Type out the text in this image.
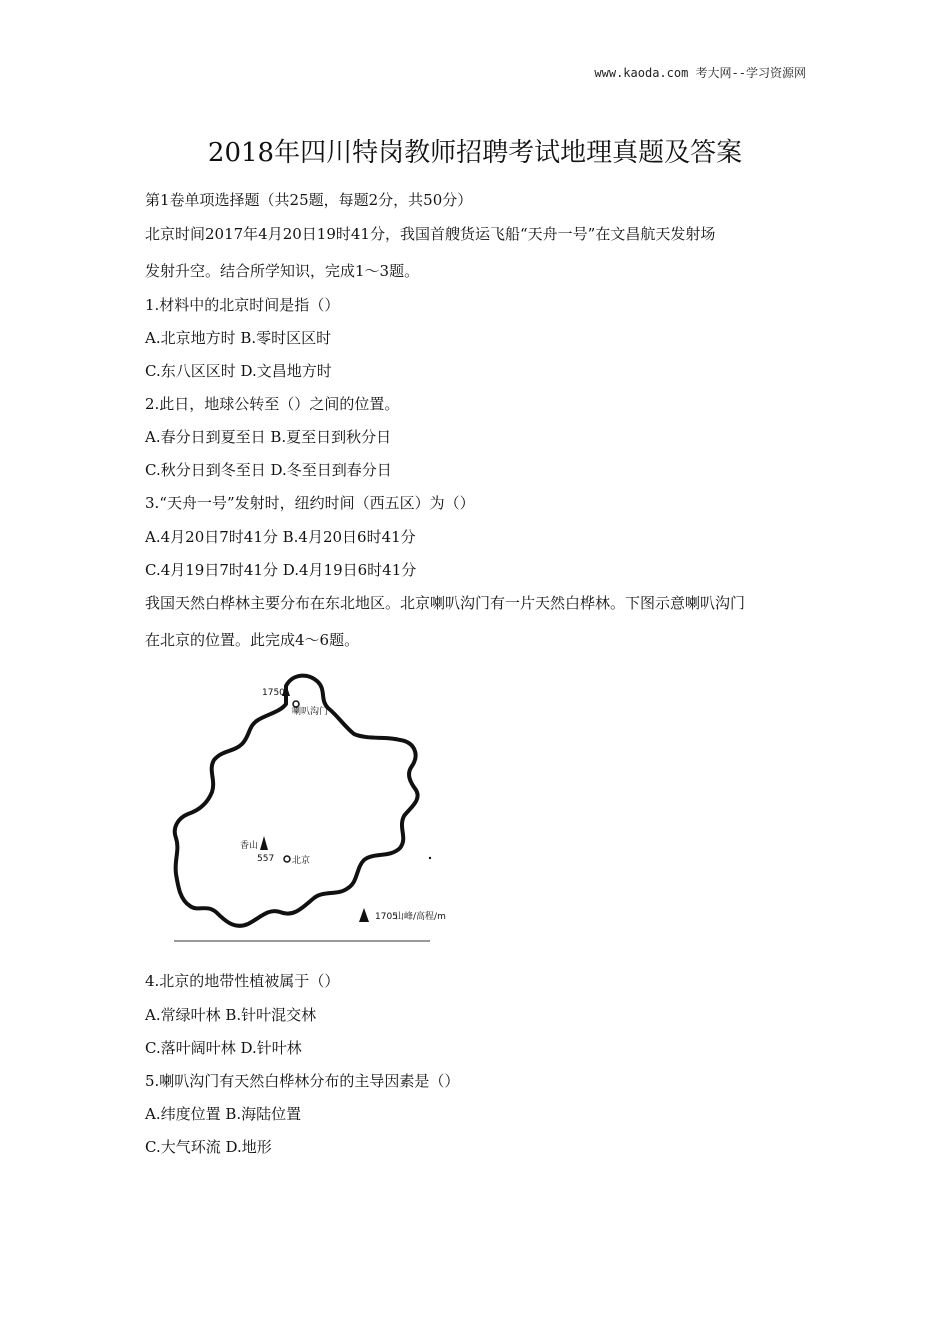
www.kaoda.com 考大网--学习资源网
2018年四川特岗教师招聘考试地理真题及答案
第1卷单项选择题（共25题，每题2分，共50分）
北京时间2017年4月20日19时41分，我国首艘货运飞船“天舟一号”在文昌航天发射场
发射升空。结合所学知识，完成1～3题。
1.材料中的北京时间是指（）
A.北京地方时 B.零时区区时
C.东八区区时 D.文昌地方时
2.此日，地球公转至（）之间的位置。
A.春分日到夏至日 B.夏至日到秋分日
C.秋分日到冬至日 D.冬至日到春分日
3.“天舟一号”发射时，纽约时间（西五区）为（）
A.4月20日7时41分 B.4月20日6时41分
C.4月19日7时41分 D.4月19日6时41分
我国天然白桦林主要分布在东北地区。北京喇叭沟门有一片天然白桦林。下图示意喇叭沟门
在北京的位置。此完成4～6题。
1750
喇叭沟门
香山
557 北京
1705
山峰/高程/m
4.北京的地带性植被属于（）
A.常绿叶林 B.针叶混交林
C.落叶阔叶林 D.针叶林
5.喇叭沟门有天然白桦林分布的主导因素是（）
A.纬度位置 B.海陆位置
C.大气环流 D.地形
